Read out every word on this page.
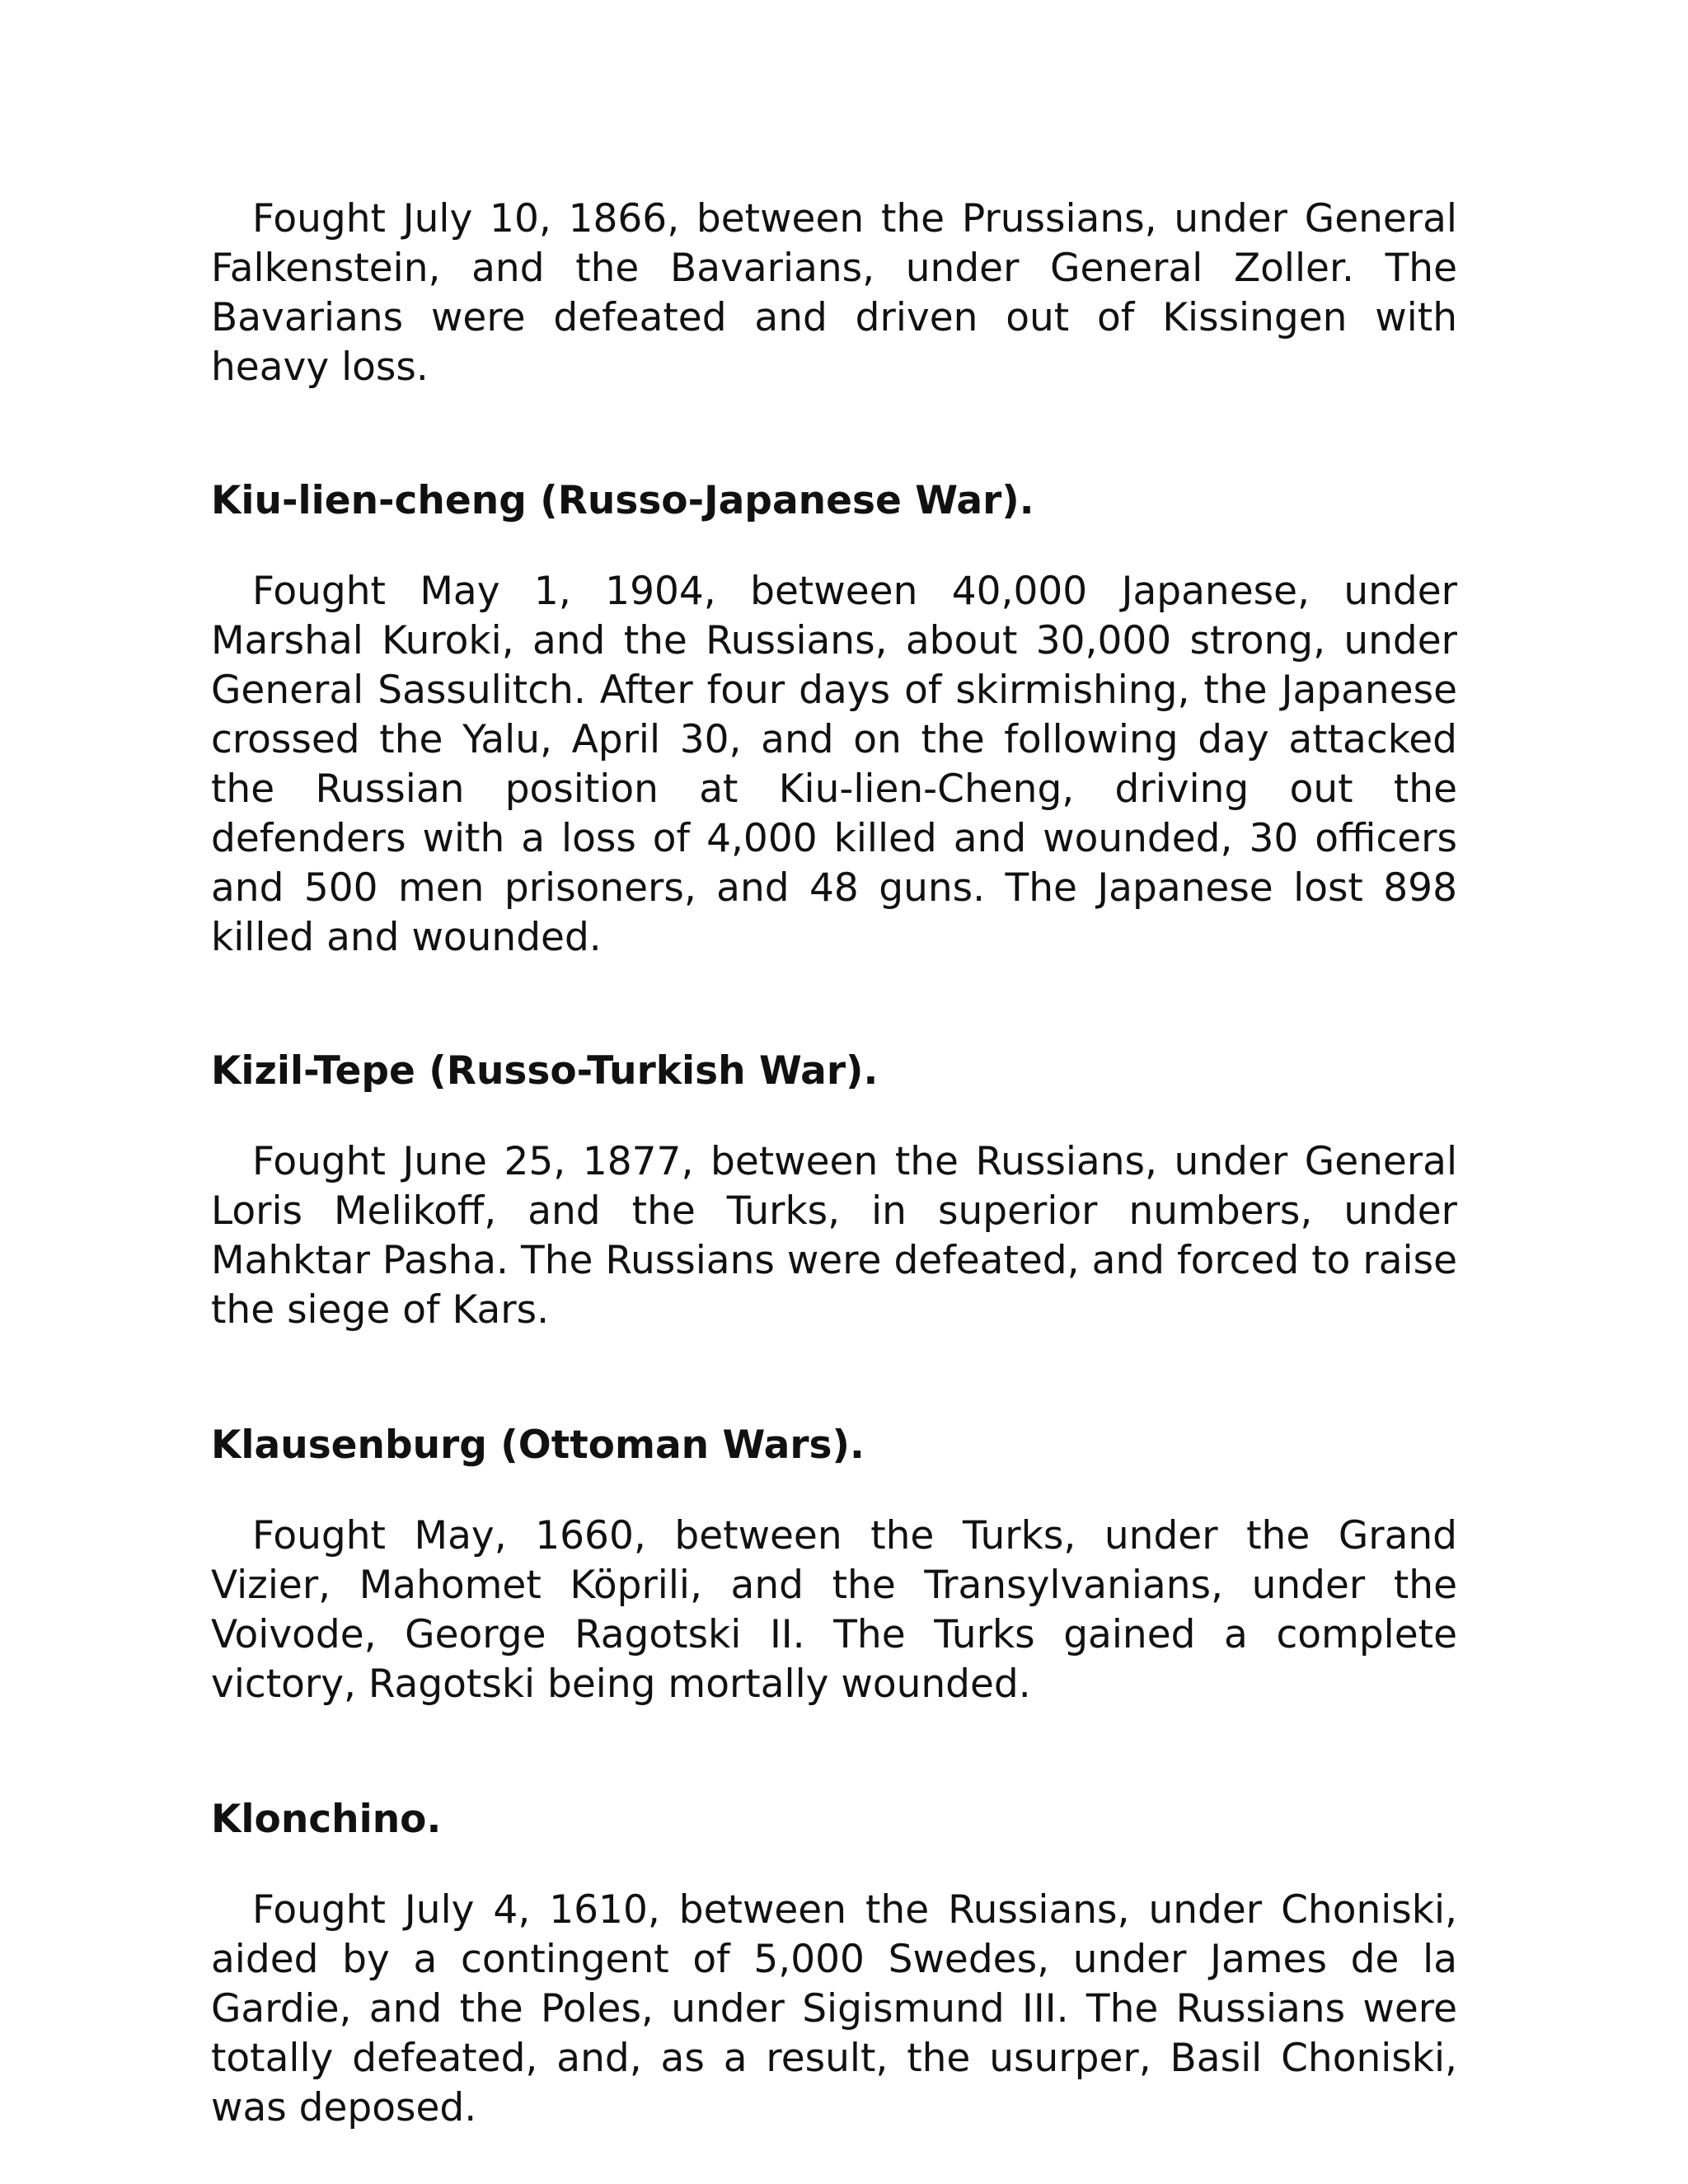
Fought July 10, 1866, between the Prussians, under General Falkenstein, and the Bavarians, under General Zoller. The Bavarians were defeated and driven out of Kissingen with heavy loss.

Kiu-lien-cheng (Russo-Japanese War).

Fought May 1, 1904, between 40,000 Japanese, under Marshal Kuroki, and the Russians, about 30,000 strong, under General Sassulitch. After four days of skirmishing, the Japanese crossed the Yalu, April 30, and on the following day attacked the Russian position at Kiu-lien-Cheng, driving out the defenders with a loss of 4,000 killed and wounded, 30 officers and 500 men prisoners, and 48 guns. The Japanese lost 898 killed and wounded.

Kizil-Tepe (Russo-Turkish War).

Fought June 25, 1877, between the Russians, under General Loris Melikoff, and the Turks, in superior numbers, under Mahktar Pasha. The Russians were defeated, and forced to raise the siege of Kars.

Klausenburg (Ottoman Wars).

Fought May, 1660, between the Turks, under the Grand Vizier, Mahomet Köprili, and the Transylvanians, under the Voivode, George Ragotski II. The Turks gained a complete victory, Ragotski being mortally wounded.

Klonchino.

Fought July 4, 1610, between the Russians, under Choniski, aided by a contingent of 5,000 Swedes, under James de la Gardie, and the Poles, under Sigismund III. The Russians were totally defeated, and, as a result, the usurper, Basil Choniski, was deposed.
